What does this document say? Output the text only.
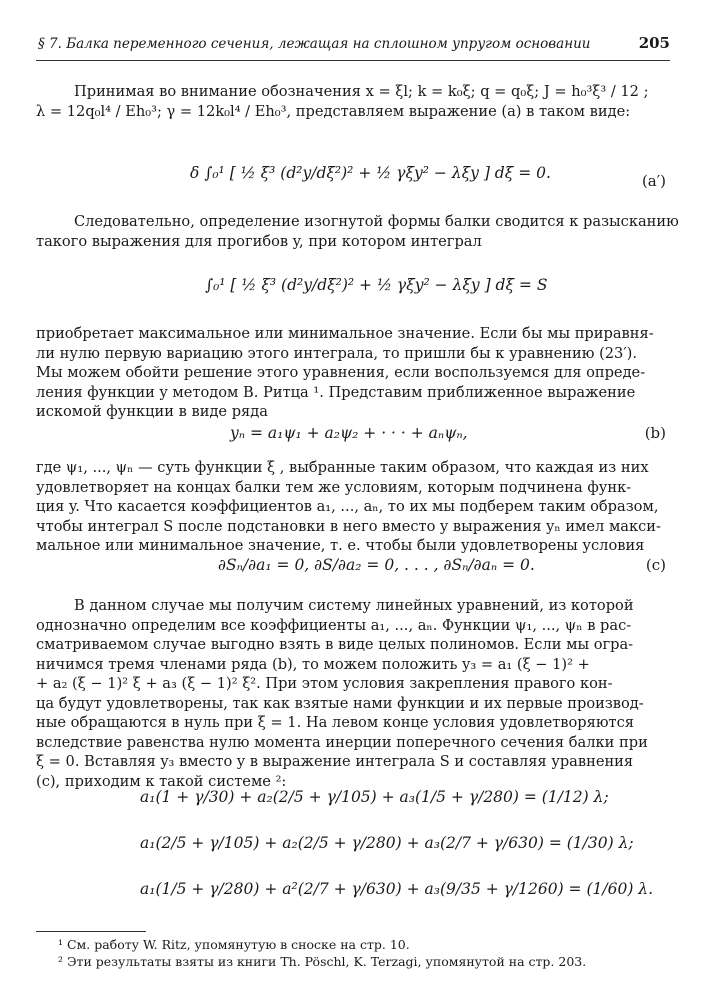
§ 7. Балка переменного сечения, лежащая на сплошном упругом основании	205
Принимая во внимание обозначения x = ξl; k = k₀ξ; q = q₀ξ; J = h₀³ξ³ / 12 ;
λ = 12q₀l⁴ / Eh₀³; γ = 12k₀l⁴ / Eh₀³, представляем выражение (а) в таком виде:
δ ∫₀¹ [ ½ ξ³ (d²y/dξ²)² + ½ γξy² − λξy ] dξ = 0.	(a′)
Следовательно, определение изогнутой формы балки сводится к разысканию
такого выражения для прогибов y, при котором интеграл
∫₀¹ [ ½ ξ³ (d²y/dξ²)² + ½ γξy² − λξy ] dξ = S
приобретает максимальное или минимальное значение. Если бы мы приравня-
ли нулю первую вариацию этого интеграла, то пришли бы к уравнению (23′).
Мы можем обойти решение этого уравнения, если воспользуемся для опреде-
ления функции y методом В. Ритца ¹. Представим приближенное выражение
искомой функции в виде ряда
yₙ = a₁ψ₁ + a₂ψ₂ + · · · + aₙψₙ,	(b)
где ψ₁, ..., ψₙ — суть функции ξ , выбранные таким образом, что каждая из них
удовлетворяет на концах балки тем же условиям, которым подчинена функ-
ция y. Что касается коэффициентов a₁, ..., aₙ, то их мы подберем таким образом,
чтобы интеграл S после подстановки в него вместо y выражения yₙ имел макси-
мальное или минимальное значение, т. е. чтобы были удовлетворены условия
∂Sₙ/∂a₁ = 0, ∂S/∂a₂ = 0, . . . , ∂Sₙ/∂aₙ = 0.	(c)
В данном случае мы получим систему линейных уравнений, из которой
однозначно определим все коэффициенты a₁, ..., aₙ. Функции ψ₁, ..., ψₙ в рас-
сматриваемом случае выгодно взять в виде целых полиномов. Если мы огра-
ничимся тремя членами ряда (b), то можем положить y₃ = a₁ (ξ − 1)² +
+ a₂ (ξ − 1)² ξ + a₃ (ξ − 1)² ξ². При этом условия закрепления правого кон-
ца будут удовлетворены, так как взятые нами функции и их первые производ-
ные обращаются в нуль при ξ = 1. На левом конце условия удовлетворяются
вследствие равенства нулю момента инерции поперечного сечения балки при
ξ = 0. Вставляя y₃ вместо y в выражение интеграла S и составляя уравнения
(c), приходим к такой системе ²:
a₁(1 + γ/30) + a₂(2/5 + γ/105) + a₃(1/5 + γ/280) = (1/12) λ;
a₁(2/5 + γ/105) + a₂(2/5 + γ/280) + a₃(2/7 + γ/630) = (1/30) λ;
a₁(1/5 + γ/280) + a²(2/7 + γ/630) + a₃(9/35 + γ/1260) = (1/60) λ.
¹ См. работу W. Ritz, упомянутую в сноске на стр. 10.
² Эти результаты взяты из книги Th. Pöschl, K. Terzagi, упомянутой на стр. 203.
